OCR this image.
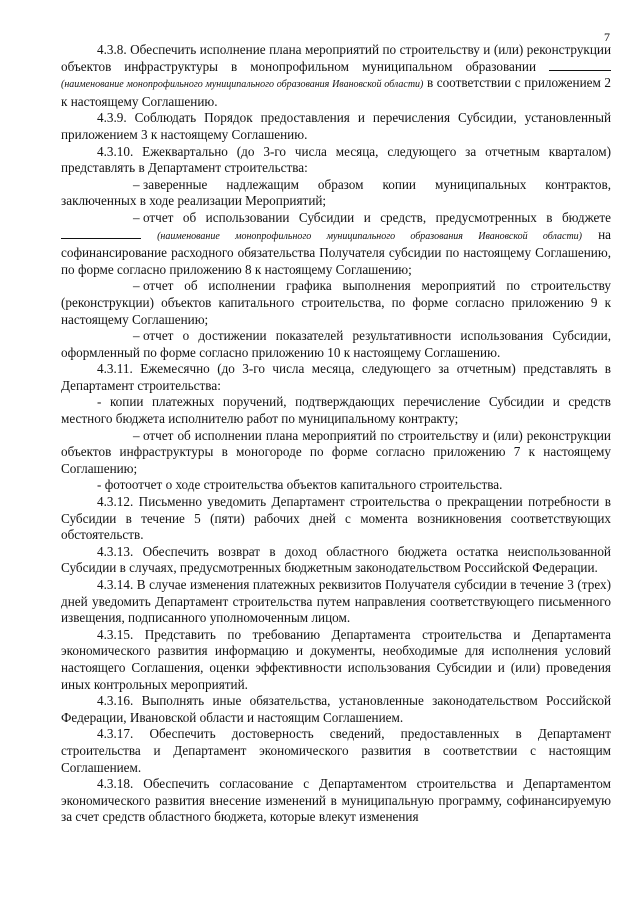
7

4.3.8. Обеспечить исполнение плана мероприятий по строительству и (или) реконструкции объектов инфраструктуры в монопрофильном муниципальном образовании  (наименование монопрофильного муниципального образования Ивановской области) в соответствии с приложением 2 к настоящему Соглашению.

4.3.9. Соблюдать Порядок предоставления и перечисления Субсидии, установленный приложением 3 к настоящему Соглашению.

4.3.10. Ежеквартально (до 3-го числа месяца, следующего за отчетным кварталом) представлять в Департамент строительства:

– заверенные надлежащим образом копии муниципальных контрактов, заключенных в ходе реализации Мероприятий;

– отчет об использовании Субсидии и средств, предусмотренных в бюджете  (наименование монопрофильного муниципального образования Ивановской области) на софинансирование расходного обязательства Получателя субсидии по настоящему Соглашению, по форме согласно приложению 8 к настоящему Соглашению;

– отчет об исполнении графика выполнения мероприятий по строительству (реконструкции) объектов капитального строительства, по форме согласно приложению 9 к настоящему Соглашению;

– отчет о достижении показателей результативности использования Субсидии, оформленный по форме согласно приложению 10 к настоящему Соглашению.

4.3.11. Ежемесячно (до 3-го числа месяца, следующего за отчетным) представлять в Департамент строительства:

- копии платежных поручений, подтверждающих перечисление Субсидии и средств местного бюджета исполнителю работ по муниципальному контракту;

– отчет об исполнении плана мероприятий по строительству и (или) реконструкции объектов инфраструктуры в моногороде по форме согласно приложению 7 к настоящему Соглашению;

- фотоотчет о ходе строительства объектов капитального строительства.

4.3.12. Письменно уведомить Департамент строительства о прекращении потребности в Субсидии в течение 5 (пяти) рабочих дней с момента возникновения соответствующих обстоятельств.

4.3.13. Обеспечить возврат в доход областного бюджета остатка неиспользованной Субсидии в случаях, предусмотренных бюджетным законодательством Российской Федерации.

4.3.14. В случае изменения платежных реквизитов Получателя субсидии в течение 3 (трех) дней уведомить Департамент строительства путем направления соответствующего письменного извещения, подписанного уполномоченным лицом.

4.3.15. Представить по требованию Департамента строительства и Департамента экономического развития информацию и документы, необходимые для исполнения условий настоящего Соглашения, оценки эффективности использования Субсидии и (или) проведения иных контрольных мероприятий.

4.3.16. Выполнять иные обязательства, установленные законодательством Российской Федерации, Ивановской области и настоящим Соглашением.

4.3.17. Обеспечить достоверность сведений, предоставленных в Департамент строительства и Департамент экономического развития в соответствии с настоящим Соглашением.

4.3.18. Обеспечить согласование с Департаментом строительства и Департаментом экономического развития внесение изменений в муниципальную программу, софинансируемую за счет средств областного бюджета, которые влекут изменения
